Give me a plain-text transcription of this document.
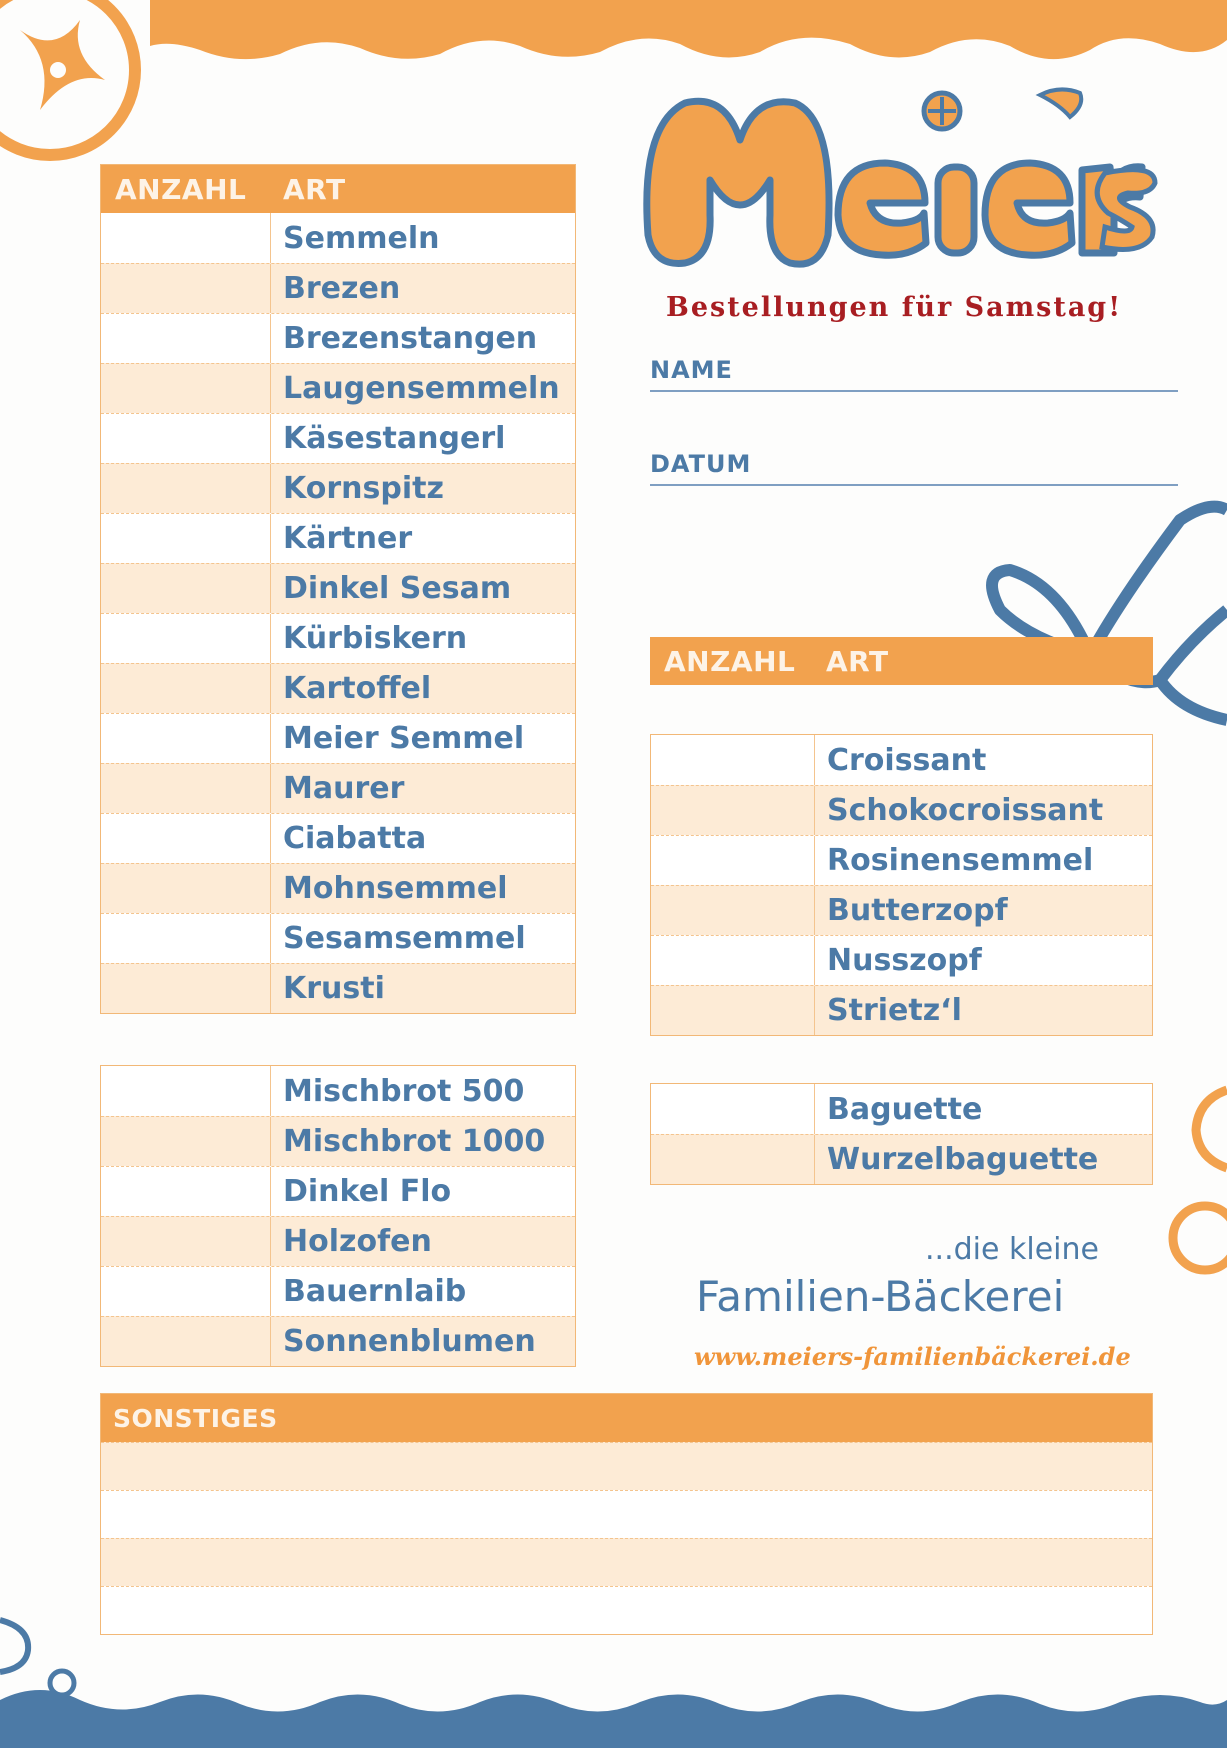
Bestellungen für Samstag!
NAME
DATUM
ANZAHL	ART
Semmeln
Brezen
Brezenstangen
Laugensemmeln
Käsestangerl
Kornspitz
Kärtner
Dinkel Sesam
Kürbiskern
Kartoffel
Meier Semmel
Maurer
Ciabatta
Mohnsemmel
Sesamsemmel
Krusti
Mischbrot 500
Mischbrot 1000
Dinkel Flo
Holzofen
Bauernlaib
Sonnenblumen
ANZAHL	ART
Croissant
Schokocroissant
Rosinensemmel
Butterzopf
Nusszopf
Strietz‘l
Baguette
Wurzelbaguette
...die kleine
Familien-Bäckerei
www.meiers-familienbäckerei.de
SONSTIGES
